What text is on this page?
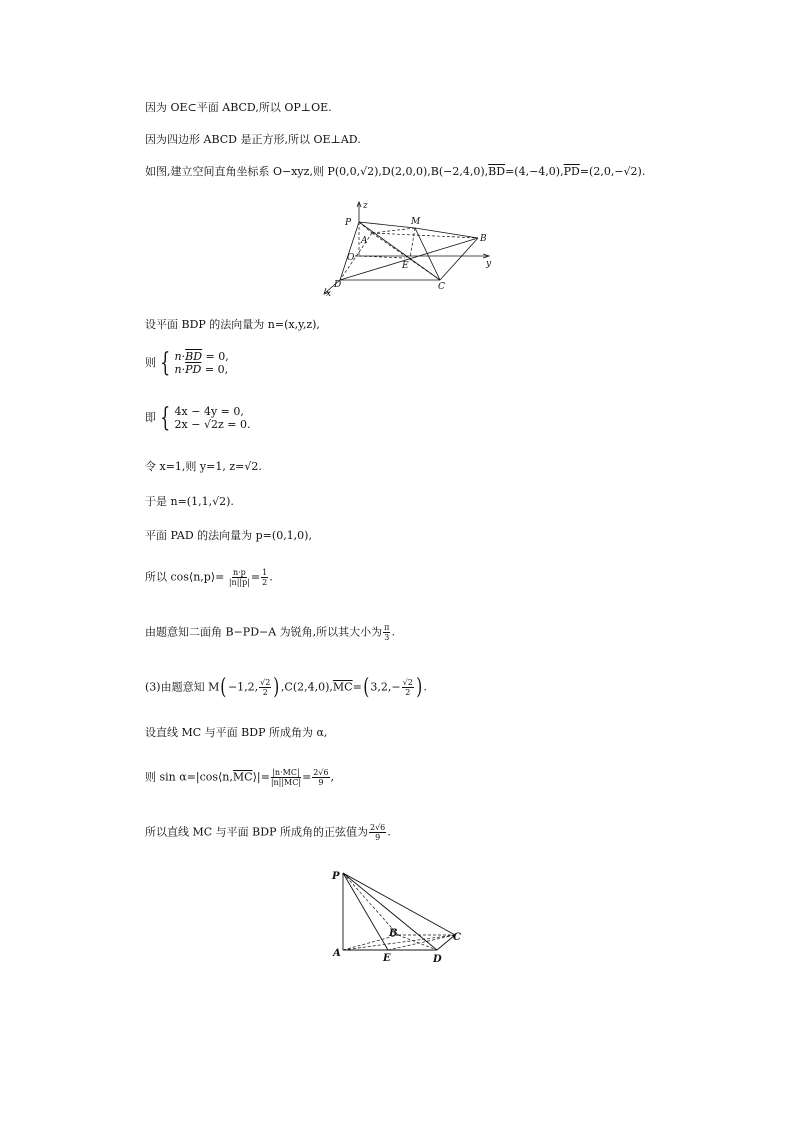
因为 OE⊂平面 ABCD,所以 OP⊥OE.
因为四边形 ABCD 是正方形,所以 OE⊥AD.
如图,建立空间直角坐标系 O−xyz,则 $P(0,0,√2),D(2,0,0),B(-2,4,0),\overline{BD}=(4,-4,0),\overline{PD}=(2,0,-√2)$.
P
z
M
A	B
O
E	y
D	C
x
设平面 BDP 的法向量为 n=(x,y,z),
则 { $n\cdot\overline{BD} = 0$,
$n\cdot\overline{PD} = 0$,
即 { 4x − 4y = 0,
2x − √2z = 0.
令 x=1,则 y=1, z=√2.
于是 n=(1,1,√2).
平面 PAD 的法向量为 p=(0,1,0),
所以 cos⟨n,p⟩= $\frac{n\cdot p}{|n||p|} = \frac{1}{2}$ .
由题意知二面角 B−PD−A 为锐角,所以其大小为 $\frac{\pi}{3}$ .
(3)由题意知 M(−1,2, $\frac{√2}{2} ),C(2,4,0),\overline{MC}=(3,2,- \frac{√2}{2}$ ).
设直线 MC 与平面 BDP 所成角为 α,
则 $\sin \alpha=|\cos⟨n,\overline{MC}⟩|= \frac{|n\cdot MC|}{|n||MC|} = \frac{2√6}{9}$ ,
所以直线 MC 与平面 BDP 所成角的正弦值为 $\frac{2√6}{9}$ .
P
B	C
A	E	D
